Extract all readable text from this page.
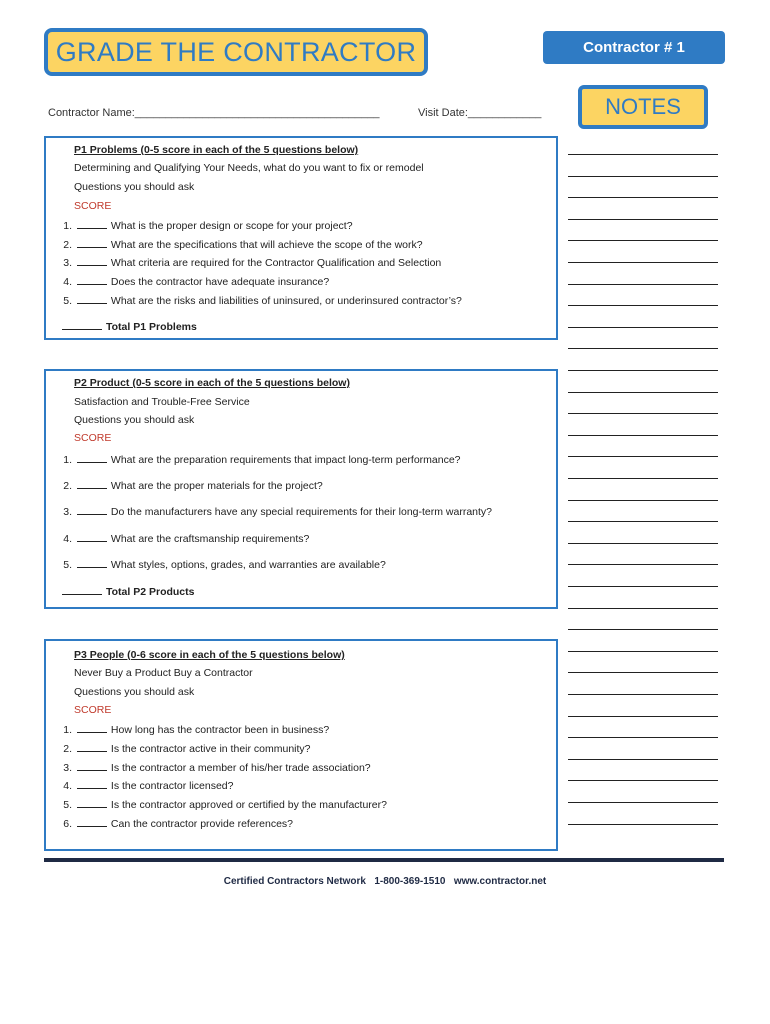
GRADE THE CONTRACTOR	Contractor # 1
NOTES
Contractor Name:________________________________________	Visit Date:____________
P1 Problems (0-5 score in each of the 5 questions below)
Determining and Qualifying Your Needs, what do you want to fix or remodel
Questions you should ask
SCORE
1.	What is the proper design or scope for your project?
2.	What are the specifications that will achieve the scope of the work?
3.	What criteria are required for the Contractor Qualification and Selection
4.	Does the contractor have adequate insurance?
5.	What are the risks and liabilities of uninsured, or underinsured contractor’s?
Total P1 Problems
P2 Product (0-5 score in each of the 5 questions below)
Satisfaction and Trouble-Free Service
Questions you should ask
SCORE
1.	What are the preparation requirements that impact long-term performance?
2.	What are the proper materials for the project?
3.	Do the manufacturers have any special requirements for their long-term warranty?
4.	What are the craftsmanship requirements?
5.	What styles, options, grades, and warranties are available?
Total P2 Products
P3 People (0-6 score in each of the 5 questions below)
Never Buy a Product Buy a Contractor
Questions you should ask
SCORE
1.	How long has the contractor been in business?
2.	Is the contractor active in their community?
3.	Is the contractor a member of his/her trade association?
4.	Is the contractor licensed?
5.	Is the contractor approved or certified by the manufacturer?
6.	Can the contractor provide references?
Certified Contractors Network   1-800-369-1510   www.contractor.net
